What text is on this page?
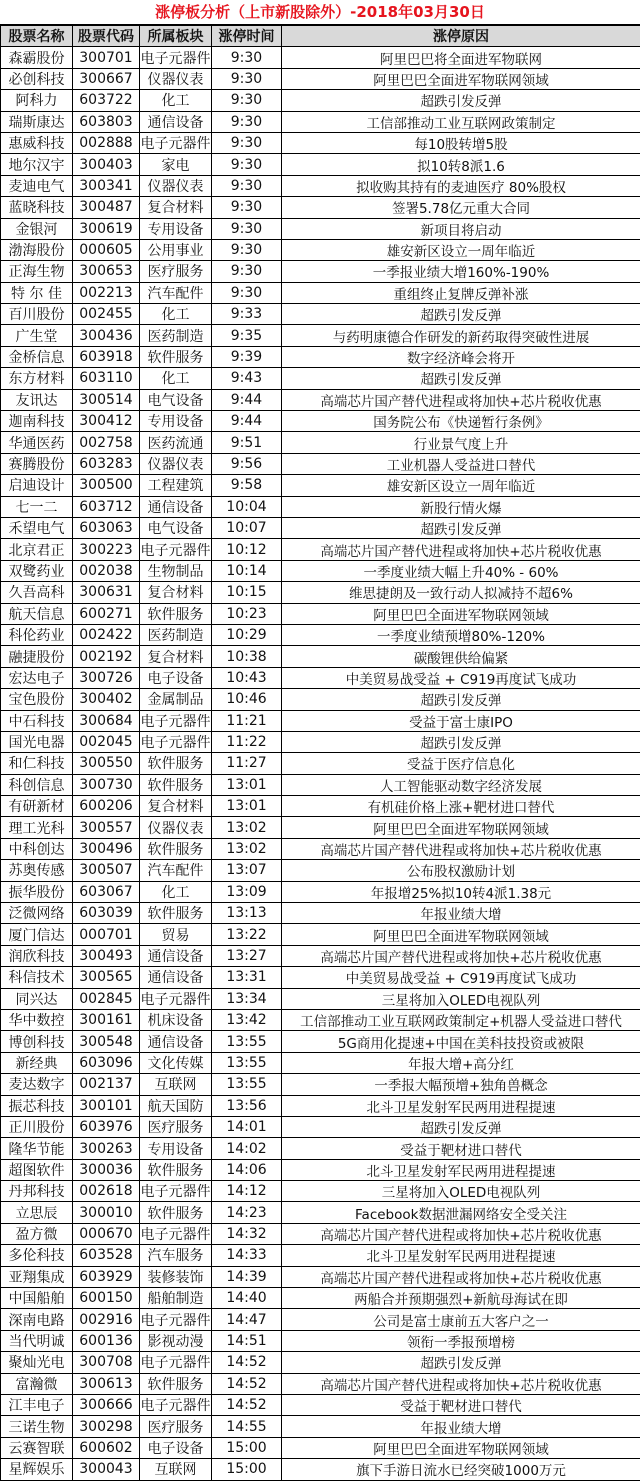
涨停板分析（上市新股除外）-2018年03月30日
股票名称	股票代码	所属板块	涨停时间	涨停原因
森霸股份	300701	电子元器件	9:30	阿里巴巴将全面进军物联网
必创科技	300667	仪器仪表	9:30	阿里巴巴全面进军物联网领域
阿科力	603722	化工	9:30	超跌引发反弹
瑞斯康达	603803	通信设备	9:30	工信部推动工业互联网政策制定
惠威科技	002888	电子元器件	9:30	每10股转增5股
地尔汉宇	300403	家电	9:30	拟10转8派1.6
麦迪电气	300341	仪器仪表	9:30	拟收购其持有的麦迪医疗 80%股权
蓝晓科技	300487	复合材料	9:30	签署5.78亿元重大合同
金银河	300619	专用设备	9:30	新项目将启动
渤海股份	000605	公用事业	9:30	雄安新区设立一周年临近
正海生物	300653	医疗服务	9:30	一季报业绩大增160%-190%
特 尔 佳	002213	汽车配件	9:30	重组终止复牌反弹补涨
百川股份	002455	化工	9:33	超跌引发反弹
广生堂	300436	医药制造	9:35	与药明康德合作研发的新药取得突破性进展
金桥信息	603918	软件服务	9:39	数字经济峰会将开
东方材料	603110	化工	9:43	超跌引发反弹
友讯达	300514	电气设备	9:44	高端芯片国产替代进程或将加快+芯片税收优惠
迦南科技	300412	专用设备	9:44	国务院公布《快递暂行条例》
华通医药	002758	医药流通	9:51	行业景气度上升
赛腾股份	603283	仪器仪表	9:56	工业机器人受益进口替代
启迪设计	300500	工程建筑	9:58	雄安新区设立一周年临近
七一二	603712	通信设备	10:04	新股行情火爆
禾望电气	603063	电气设备	10:07	超跌引发反弹
北京君正	300223	电子元器件	10:12	高端芯片国产替代进程或将加快+芯片税收优惠
双鹭药业	002038	生物制品	10:14	一季度业绩大幅上升40% - 60%
久吾高科	300631	复合材料	10:15	维思捷朗及一致行动人拟减持不超6%
航天信息	600271	软件服务	10:23	阿里巴巴全面进军物联网领域
科伦药业	002422	医药制造	10:29	一季度业绩预增80%-120%
融捷股份	002192	复合材料	10:38	碳酸锂供给偏紧
宏达电子	300726	电子设备	10:43	中美贸易战受益 + C919再度试飞成功
宝色股份	300402	金属制品	10:46	超跌引发反弹
中石科技	300684	电子元器件	11:21	受益于富士康IPO
国光电器	002045	电子元器件	11:22	超跌引发反弹
和仁科技	300550	软件服务	11:27	受益于医疗信息化
科创信息	300730	软件服务	13:01	人工智能驱动数字经济发展
有研新材	600206	复合材料	13:01	有机硅价格上涨+靶材进口替代
理工光科	300557	仪器仪表	13:02	阿里巴巴全面进军物联网领域
中科创达	300496	软件服务	13:02	高端芯片国产替代进程或将加快+芯片税收优惠
苏奥传感	300507	汽车配件	13:07	公布股权激励计划
振华股份	603067	化工	13:09	年报增25%拟10转4派1.38元
泛微网络	603039	软件服务	13:13	年报业绩大增
厦门信达	000701	贸易	13:22	阿里巴巴全面进军物联网领域
润欣科技	300493	通信设备	13:27	高端芯片国产替代进程或将加快+芯片税收优惠
科信技术	300565	通信设备	13:31	中美贸易战受益 + C919再度试飞成功
同兴达	002845	电子元器件	13:34	三星将加入OLED电视队列
华中数控	300161	机床设备	13:42	工信部推动工业互联网政策制定+机器人受益进口替代
博创科技	300548	通信设备	13:55	5G商用化提速+中国在美科技投资或被限
新经典	603096	文化传媒	13:55	年报大增+高分红
麦达数字	002137	互联网	13:55	一季报大幅预增+独角兽概念
振芯科技	300101	航天国防	13:56	北斗卫星发射军民两用进程提速
正川股份	603976	医疗服务	14:01	超跌引发反弹
隆华节能	300263	专用设备	14:02	受益于靶材进口替代
超图软件	300036	软件服务	14:06	北斗卫星发射军民两用进程提速
丹邦科技	002618	电子元器件	14:12	三星将加入OLED电视队列
立思辰	300010	软件服务	14:23	Facebook数据泄漏网络安全受关注
盈方微	000670	电子元器件	14:32	高端芯片国产替代进程或将加快+芯片税收优惠
多伦科技	603528	汽车服务	14:33	北斗卫星发射军民两用进程提速
亚翔集成	603929	装修装饰	14:39	高端芯片国产替代进程或将加快+芯片税收优惠
中国船舶	600150	船舶制造	14:40	两船合并预期强烈+新航母海试在即
深南电路	002916	电子元器件	14:47	公司是富士康前五大客户之一
当代明诚	600136	影视动漫	14:51	领衔一季报预增榜
聚灿光电	300708	电子元器件	14:52	超跌引发反弹
富瀚微	300613	软件服务	14:52	高端芯片国产替代进程或将加快+芯片税收优惠
江丰电子	300666	电子元器件	14:52	受益于靶材进口替代
三诺生物	300298	医疗服务	14:55	年报业绩大增
云赛智联	600602	电子设备	15:00	阿里巴巴全面进军物联网领域
星辉娱乐	300043	互联网	15:00	旗下手游日流水已经突破1000万元
